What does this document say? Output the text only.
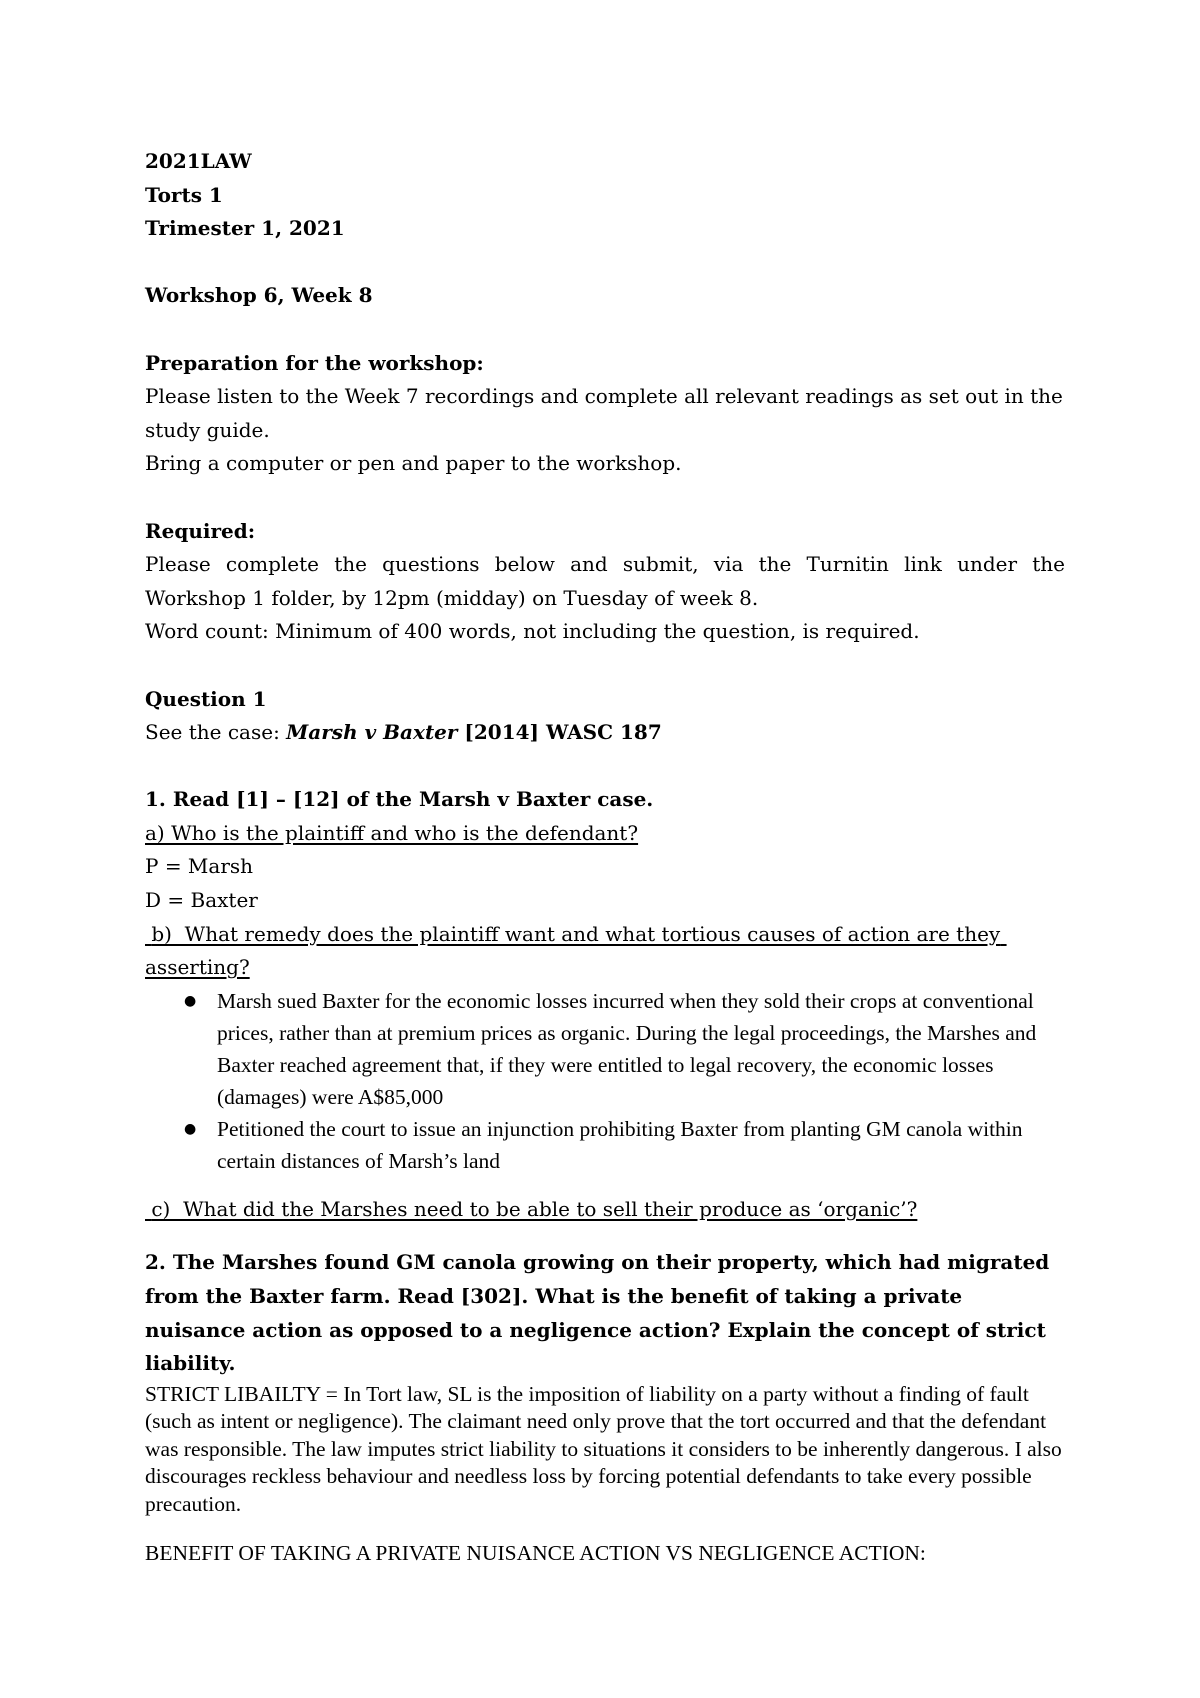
2021LAW

Torts 1

Trimester 1, 2021

Workshop 6, Week 8

Preparation for the workshop:

Please listen to the Week 7 recordings and complete all relevant readings as set out in the study guide.

Bring a computer or pen and paper to the workshop.

Required:

Please complete the questions below and submit, via the Turnitin link under the Workshop 1 folder, by 12pm (midday) on Tuesday of week 8.

Word count: Minimum of 400 words, not including the question, is required.

Question 1

See the case: Marsh v Baxter [2014] WASC 187

1. Read [1] – [12] of the Marsh v Baxter case.

a) Who is the plaintiff and who is the defendant?

P = Marsh

D = Baxter

b)  What remedy does the plaintiff want and what tortious causes of action are they asserting?

● Marsh sued Baxter for the economic losses incurred when they sold their crops at conventional prices, rather than at premium prices as organic. During the legal proceedings, the Marshes and Baxter reached agreement that, if they were entitled to legal recovery, the economic losses (damages) were A$85,000
● Petitioned the court to issue an injunction prohibiting Baxter from planting GM canola within certain distances of Marsh’s land

c)  What did the Marshes need to be able to sell their produce as ‘organic’?

2. The Marshes found GM canola growing on their property, which had migrated from the Baxter farm. Read [302]. What is the benefit of taking a private nuisance action as opposed to a negligence action? Explain the concept of strict liability.

STRICT LIBAILTY = In Tort law, SL is the imposition of liability on a party without a finding of fault (such as intent or negligence). The claimant need only prove that the tort occurred and that the defendant was responsible. The law imputes strict liability to situations it considers to be inherently dangerous. I also discourages reckless behaviour and needless loss by forcing potential defendants to take every possible precaution.

BENEFIT OF TAKING A PRIVATE NUISANCE ACTION VS NEGLIGENCE ACTION:
